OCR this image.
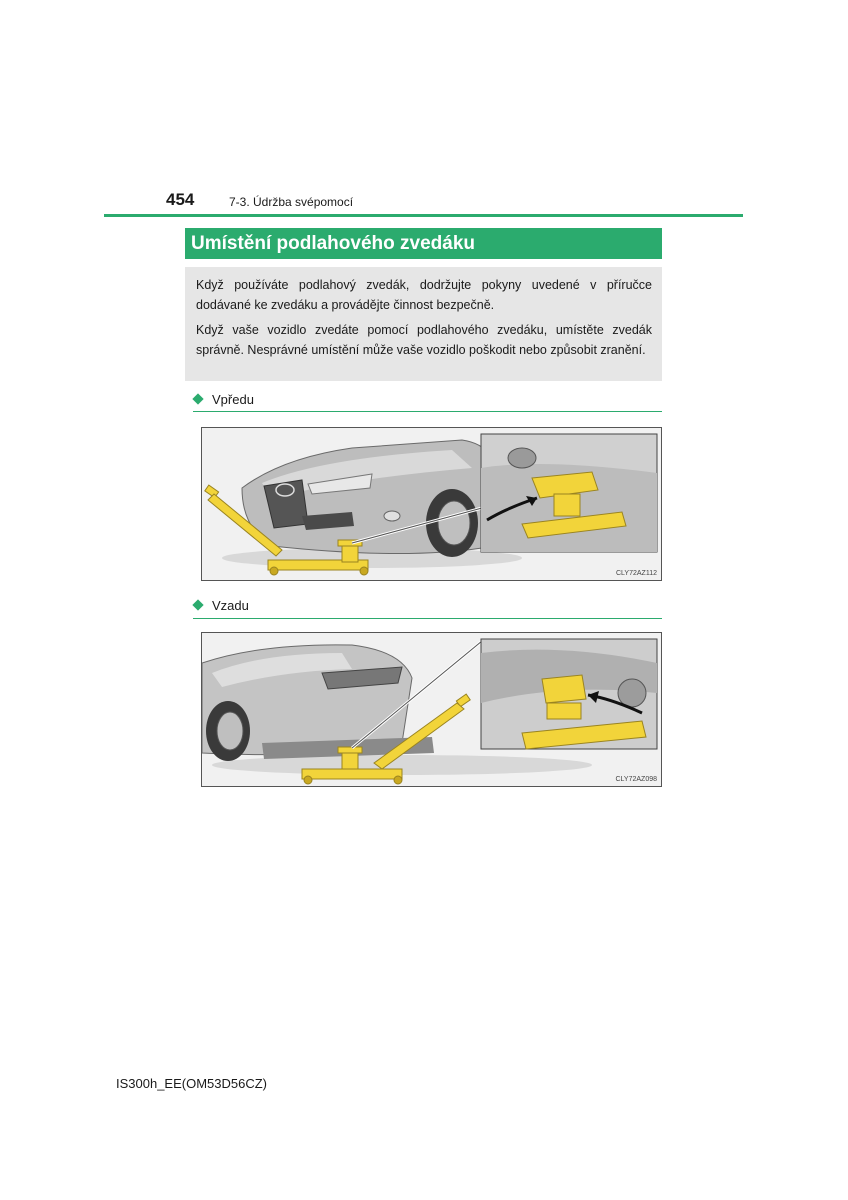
454	7-3. Údržba svépomocí
Umístění podlahového zvedáku

Když používáte podlahový zvedák, dodržujte pokyny uvedené v příručce dodávané ke zvedáku a provádějte činnost bezpečně.

Když vaše vozidlo zvedáte pomocí podlahového zvedáku, umístěte zvedák správně. Nesprávné umístění může vaše vozidlo poškodit nebo způsobit zranění.

Vpředu
CLY72AZ112
Vzadu
CLY72AZ098
IS300h_EE(OM53D56CZ)
